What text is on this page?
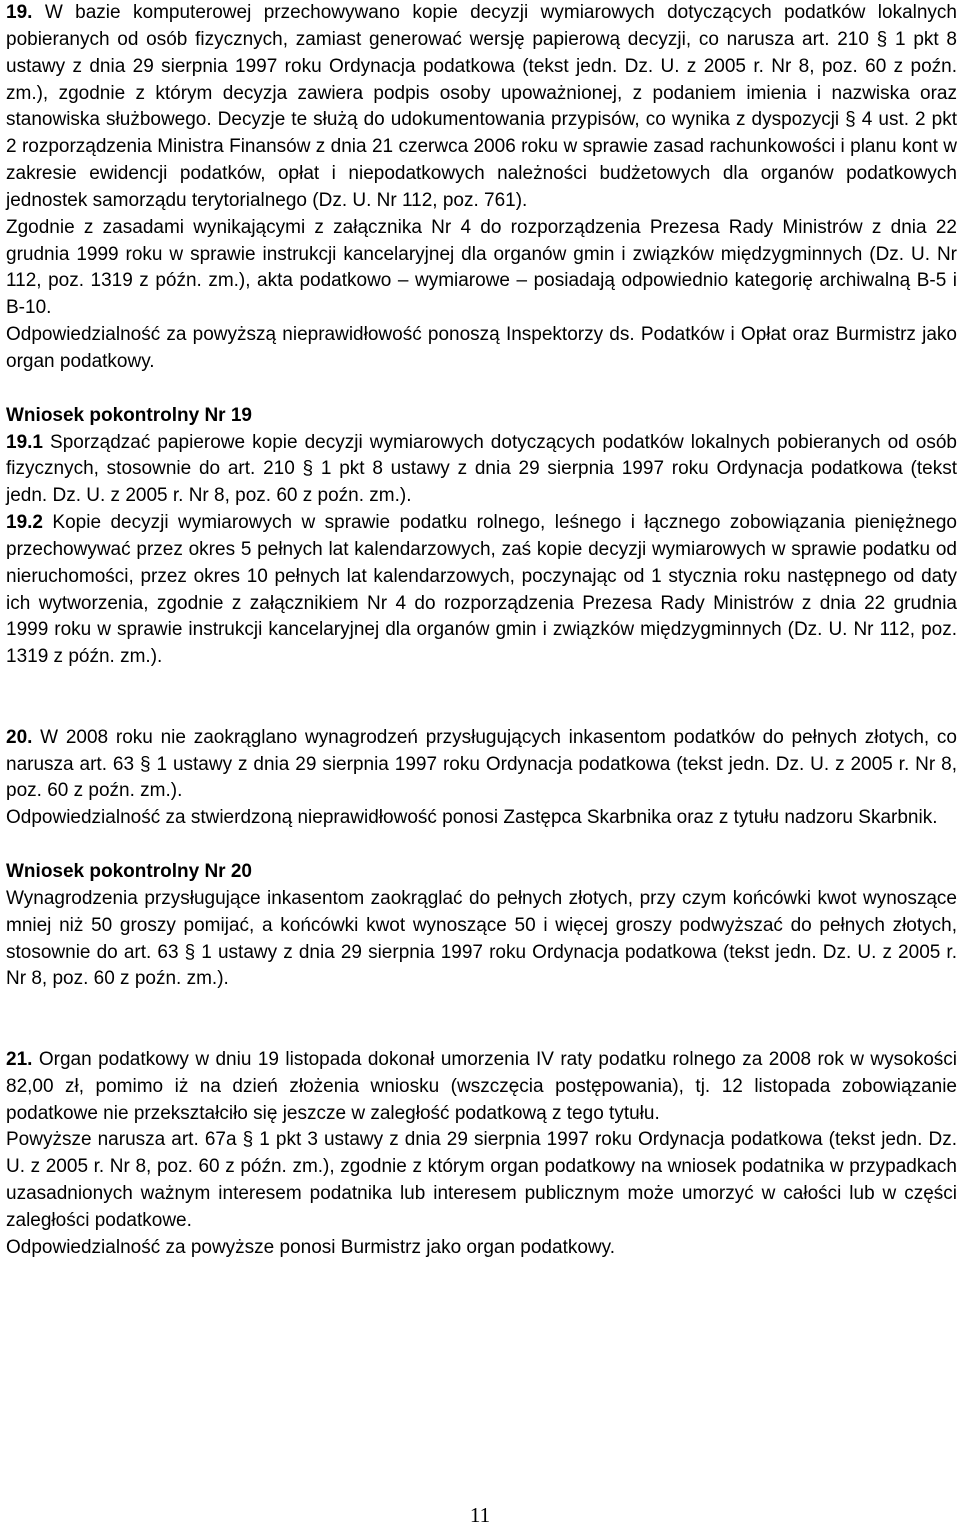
19. W bazie komputerowej przechowywano kopie decyzji wymiarowych dotyczących podatków lokalnych pobieranych od osób fizycznych, zamiast generować wersję papierową decyzji, co narusza art. 210 § 1 pkt 8 ustawy z dnia 29 sierpnia 1997 roku Ordynacja podatkowa (tekst jedn. Dz. U. z 2005 r. Nr 8, poz. 60 z poźn. zm.), zgodnie z którym decyzja zawiera podpis osoby upoważnionej, z podaniem imienia i nazwiska oraz stanowiska służbowego. Decyzje te służą do udokumentowania przypisów, co wynika z dyspozycji § 4 ust. 2 pkt 2 rozporządzenia Ministra Finansów z dnia 21 czerwca 2006 roku w sprawie zasad rachunkowości i planu kont w zakresie ewidencji podatków, opłat i niepodatkowych należności budżetowych dla organów podatkowych jednostek samorządu terytorialnego (Dz. U. Nr 112, poz. 761).

Zgodnie z zasadami wynikającymi z załącznika Nr 4 do rozporządzenia Prezesa Rady Ministrów z dnia 22 grudnia 1999 roku w sprawie instrukcji kancelaryjnej dla organów gmin i związków międzygminnych (Dz. U. Nr 112, poz. 1319 z późn. zm.), akta podatkowo – wymiarowe – posiadają odpowiednio kategorię archiwalną B-5 i B-10.

Odpowiedzialność za powyższą nieprawidłowość ponoszą Inspektorzy ds. Podatków i Opłat oraz Burmistrz jako organ podatkowy.

Wniosek pokontrolny Nr 19

19.1 Sporządzać papierowe kopie decyzji wymiarowych dotyczących podatków lokalnych pobieranych od osób fizycznych, stosownie do art. 210 § 1 pkt 8 ustawy z dnia 29 sierpnia 1997 roku Ordynacja podatkowa (tekst jedn. Dz. U. z 2005 r. Nr 8, poz. 60 z poźn. zm.).

19.2 Kopie decyzji wymiarowych w sprawie podatku rolnego, leśnego i łącznego zobowiązania pieniężnego przechowywać przez okres 5 pełnych lat kalendarzowych, zaś kopie decyzji wymiarowych w sprawie podatku od nieruchomości, przez okres 10 pełnych lat kalendarzowych, poczynając od 1 stycznia roku następnego od daty ich wytworzenia, zgodnie z załącznikiem Nr 4 do rozporządzenia Prezesa Rady Ministrów z dnia 22 grudnia 1999 roku w sprawie instrukcji kancelaryjnej dla organów gmin i związków międzygminnych (Dz. U. Nr 112, poz. 1319 z późn. zm.).

20. W 2008 roku nie zaokrąglano wynagrodzeń przysługujących inkasentom podatków do pełnych złotych, co narusza art. 63 § 1 ustawy z dnia 29 sierpnia 1997 roku Ordynacja podatkowa (tekst jedn. Dz. U. z 2005 r. Nr 8, poz. 60 z poźn. zm.).

Odpowiedzialność za stwierdzoną nieprawidłowość ponosi Zastępca Skarbnika oraz z tytułu nadzoru Skarbnik.

Wniosek pokontrolny Nr 20

Wynagrodzenia przysługujące inkasentom zaokrąglać do pełnych złotych, przy czym końcówki kwot wynoszące mniej niż 50 groszy pomijać, a końcówki kwot wynoszące 50 i więcej groszy podwyższać do pełnych złotych, stosownie do art. 63 § 1 ustawy z dnia 29 sierpnia 1997 roku Ordynacja podatkowa (tekst jedn. Dz. U. z 2005 r. Nr 8, poz. 60 z poźn. zm.).

21. Organ podatkowy w dniu 19 listopada dokonał umorzenia IV raty podatku rolnego za 2008 rok w wysokości 82,00 zł, pomimo iż na dzień złożenia wniosku (wszczęcia postępowania), tj. 12 listopada zobowiązanie podatkowe nie przekształciło się jeszcze w zaległość podatkową z tego tytułu.

Powyższe narusza art. 67a § 1 pkt 3 ustawy z dnia 29 sierpnia 1997 roku Ordynacja podatkowa (tekst jedn. Dz. U. z 2005 r. Nr 8, poz. 60 z późn. zm.), zgodnie z którym organ podatkowy na wniosek podatnika w przypadkach uzasadnionych ważnym interesem podatnika lub interesem publicznym może umorzyć w całości lub w części zaległości podatkowe.

Odpowiedzialność za powyższe ponosi Burmistrz jako organ podatkowy.

11
